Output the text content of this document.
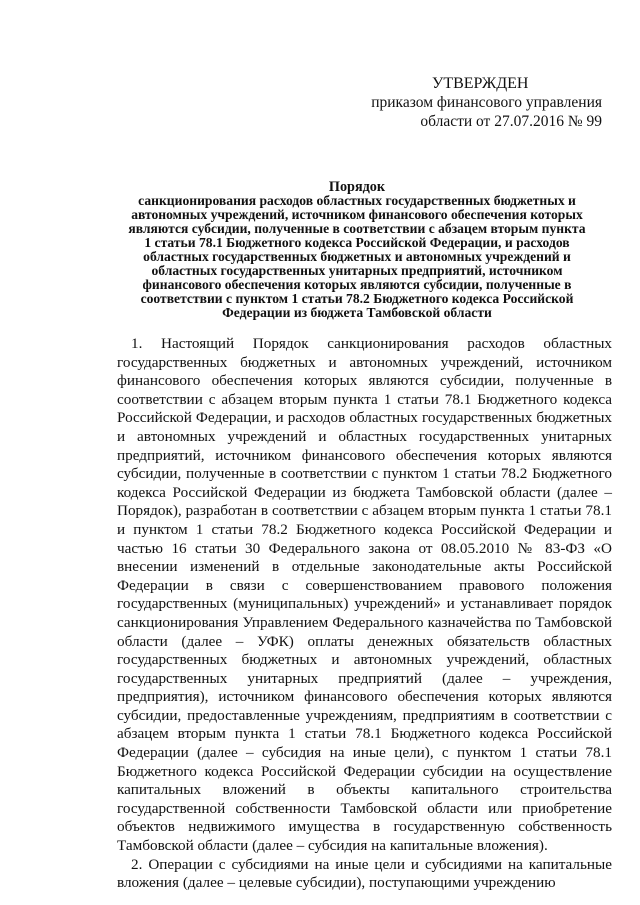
УТВЕРЖДЕН
приказом финансового управления
области от 27.07.2016 № 99
Порядок
санкционирования расходов областных государственных бюджетных и
автономных учреждений, источником финансового обеспечения которых
являются субсидии, полученные в соответствии с абзацем вторым пункта
1 статьи 78.1 Бюджетного кодекса Российской Федерации, и расходов
областных государственных бюджетных и автономных учреждений и
областных государственных унитарных предприятий, источником
финансового обеспечения которых являются субсидии, полученные в
соответствии с пунктом 1 статьи 78.2 Бюджетного кодекса Российской
Федерации из бюджета Тамбовской области

1. Настоящий Порядок санкционирования расходов областных государственных бюджетных и автономных учреждений, источником финансового обеспечения которых являются субсидии, полученные в соответствии с абзацем вторым пункта 1 статьи 78.1 Бюджетного кодекса Российской Федерации, и расходов областных государственных бюджетных и автономных учреждений и областных государственных унитарных предприятий, источником финансового обеспечения которых являются субсидии, полученные в соответствии с пунктом 1 статьи 78.2 Бюджетного кодекса Российской Федерации из бюджета Тамбовской области (далее – Порядок), разработан в соответствии с абзацем вторым пункта 1 статьи 78.1 и пунктом 1 статьи 78.2 Бюджетного кодекса Российской Федерации и частью 16 статьи 30 Федерального закона от 08.05.2010 № 83-ФЗ «О внесении изменений в отдельные законодательные акты Российской Федерации в связи с совершенствованием правового положения государственных (муниципальных) учреждений» и устанавливает порядок санкционирования Управлением Федерального казначейства по Тамбовской области (далее – УФК) оплаты денежных обязательств областных государственных бюджетных и автономных учреждений, областных государственных унитарных предприятий (далее – учреждения, предприятия), источником финансового обеспечения которых являются субсидии, предоставленные учреждениям, предприятиям в соответствии с абзацем вторым пункта 1 статьи 78.1 Бюджетного кодекса Российской Федерации (далее – субсидия на иные цели), с пунктом 1 статьи 78.1 Бюджетного кодекса Российской Федерации субсидии на осуществление капитальных вложений в объекты капитального строительства государственной собственности Тамбовской области или приобретение объектов недвижимого имущества в государственную собственность Тамбовской области (далее – субсидия на капитальные вложения).

2. Операции с субсидиями на иные цели и субсидиями на капитальные вложения (далее – целевые субсидии), поступающими учреждению
